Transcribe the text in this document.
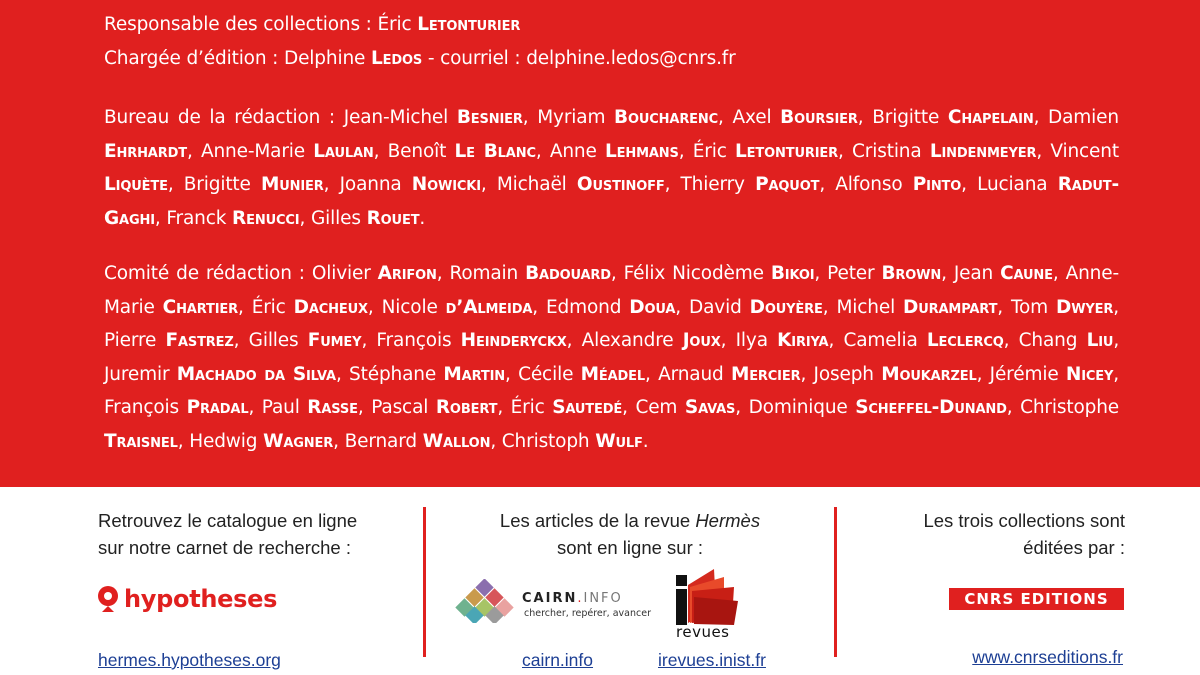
Responsable des collections : Éric Letonturier
Chargée d’édition : Delphine Ledos - courriel : delphine.ledos@cnrs.fr
Bureau de la rédaction : Jean-Michel Besnier, Myriam Boucharenc, Axel Boursier, Brigitte Chapelain, Damien Ehrhardt, Anne-Marie Laulan, Benoît Le Blanc, Anne Lehmans, Éric Letonturier, Cristina Lindenmeyer, Vincent Liquète, Brigitte Munier, Joanna Nowicki, Michaël Oustinoff, Thierry Paquot, Alfonso Pinto, Luciana Radut-Gaghi, Franck Renucci, Gilles Rouet.
Comité de rédaction : Olivier Arifon, Romain Badouard, Félix Nicodème Bikoi, Peter Brown, Jean Caune, Anne-Marie Chartier, Éric Dacheux, Nicole d’Almeida, Edmond Doua, David Douyère, Michel Durampart, Tom Dwyer, Pierre Fastrez, Gilles Fumey, François Heinderyckx, Alexandre Joux, Ilya Kiriya, Camelia Leclercq, Chang Liu, Juremir Machado da Silva, Stéphane Martin, Cécile Méadel, Arnaud Mercier, Joseph Moukarzel, Jérémie Nicey, François Pradal, Paul Rasse, Pascal Robert, Éric Sautedé, Cem Savas, Dominique Scheffel-Dunand, Christophe Traisnel, Hedwig Wagner, Bernard Wallon, Christoph Wulf.
Retrouvez le catalogue en ligne
sur notre carnet de recherche :
hypotheses
hermes.hypotheses.org
Les articles de la revue Hermès
sont en ligne sur :
CAIRN.INFO
chercher, repérer, avancer
revues
cairn.info	irevues.inist.fr
Les trois collections sont
éditées par :
CNRS EDITIONS
www.cnrseditions.fr
